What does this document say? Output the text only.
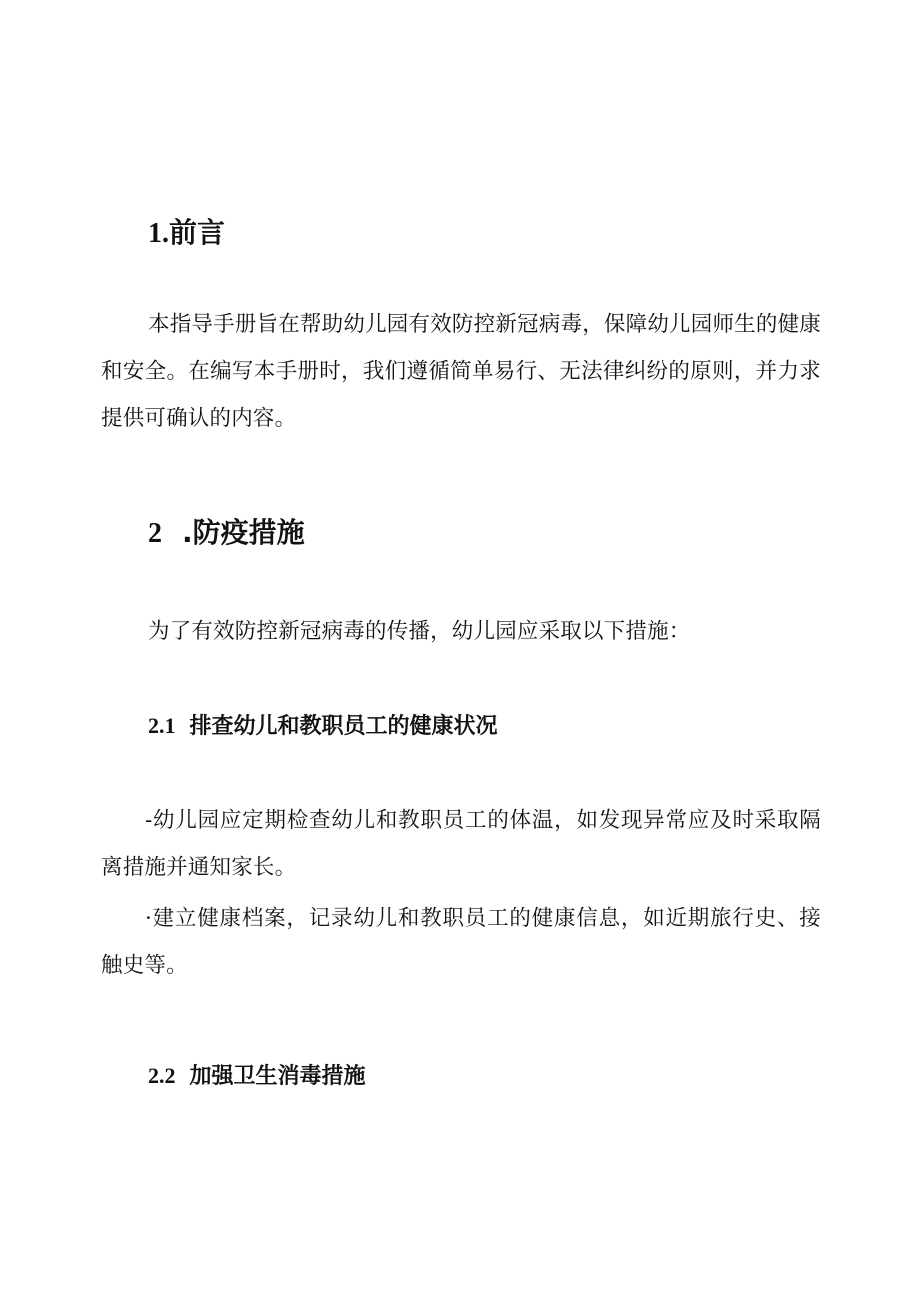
1.前言
本指导手册旨在帮助幼儿园有效防控新冠病毒，保障幼儿园师生的健康和安全。在编写本手册时，我们遵循简单易行、无法律纠纷的原则，并力求提供可确认的内容。
2 .防疫措施
为了有效防控新冠病毒的传播，幼儿园应采取以下措施：
2.1 排查幼儿和教职员工的健康状况
-幼儿园应定期检查幼儿和教职员工的体温，如发现异常应及时采取隔离措施并通知家长。
·建立健康档案，记录幼儿和教职员工的健康信息，如近期旅行史、接触史等。
2.2 加强卫生消毒措施
